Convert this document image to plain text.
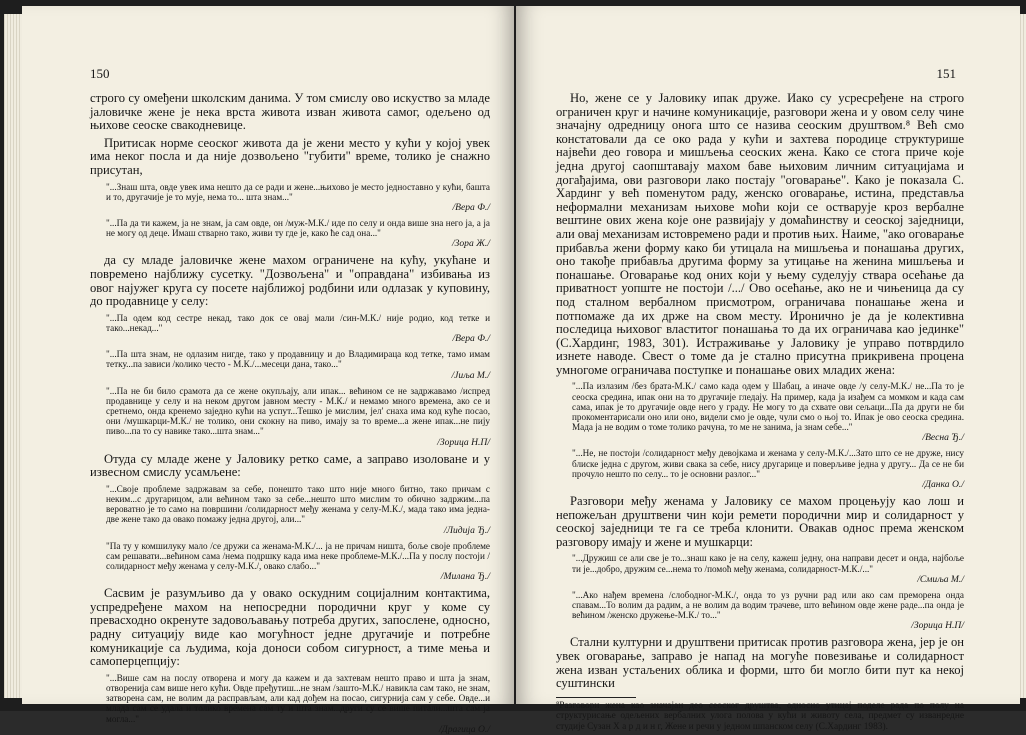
150

строго су омеђени школским данима. У том смислу ово искуство за младе јаловичке жене је нека врста живота изван живота самог, одељено од њихове сеоске свакодневице.

Притисак норме сеоског живота да је жени место у кући у којој увек има неког посла и да није дозвољено "губити" време, толико је снажно присутан,

"...Знаш шта, овде увек има нешто да се ради и жене...њихово је место једноставно у кући, башта и то, другачије је то мује, нема то... шта знам..."
/Вера Ф./
"...Па да ти кажем, ја не знам, ја сам овде, он /муж-М.К./ иде по селу и онда више зна него ја, а ја не могу од деце. Имаш стварно тако, живи ту где је, како ће сад она..."
/Зора Ж./

да су младе јаловичке жене махом ограничене на кућу, укућане и повремено најближу сусетку. "Дозвољена" и "оправдана" избивања из овог најужег круга су посете најближој родбини или одлазак у куповину, до продавнице у селу:

"...Па одем код сестре некад, тако док се овај мали /син-М.К./ није родио, код тетке и тако...некад..."
/Вера Ф./
"...Па шта знам, не одлазим нигде, тако у продавницу и до Владимираца код тетке, тамо имам тетку...па зависи /колико често - М.К./...месеци дана, тако..."
/Јиља М./
"...Па не би било срамота да се жене окупљају, али ипак... већином се не задржавамо /испред продавнице у селу и на неком другом јавном месту - М.К./ и немамо много времена, ако се и сретнемо, онда кренемо заједно кући на успут...Тешко је мислим, јел' снаха има код куће посао, они /мушкарци-М.К./ не толико, они скокну на пиво, имају за то време...а жене ипак...не пију пиво...па то су навике тако...шта знам..."
/Зорица Н.П/

Отуда су младе жене у Јаловику ретко саме, а заправо изоловане и у извесном смислу усамљене:

"...Своје проблеме задржавам за себе, понешто тако што није много битно, тако причам с неким...с другарицом, али већином тако за себе...нешто што мислим то обично задржим...па вероватно је то само на површини /солидарност међу женама у селу-М.К./, мада тако има једна-две жене тако да овако помажу једна другој, али..."
/Лидија Ђ./
"Па ту у комшилуку мало /се дружи са женама-М.К./... ја не причам ништа, боље своје проблеме сам решавати...већином сама /нема подршку када има неке проблеме-М.К./...Па у послу постоји /солидарност међу женама у селу-М.К./, овако слабо..."
/Милана Ђ./

Сасвим је разумљиво да у овако оскудним социјалним контактима, успредређене махом на непосредни породични круг у коме су превасходно окренуте задовољавању потреба других, запослене, односно, радну ситуацију виде као могућност једне другачије и потребне комуникације са људима, која доноси собом сигурност, а тиме мења и самоперцепцију:

"...Више сам на послу отворена и могу да кажем и да захтевам нешто право и шта ја знам, отворенија сам више него кући. Овде пређутиш...не знам /зашто-М.К./ навикла сам тако, не знам, затворена сам, не волим да расправљам, али кад дођем на посао, сигурнија сам у себе. Овде...и млада сам се удала и толико времена сам ту и шта знам...други су се више питали...шта сам ја могла..."
/Драгица О./
151

Но, жене се у Јаловику ипак друже. Иако су усресређене на строго ограничен круг и начине комуникације, разговори жена и у овом селу чине значајну одредницу онога што се назива сеоским друштвом.⁸ Већ смо констатовали да се око рада у кући и захтева породице структурише највећи део говора и мишљења сеоских жена. Како се стога приче које једна другој саопштавају махом баве њиховим личним ситуацијама и догађајима, ови разговори лако постају "оговарање". Како је показала С. Хардинг у већ поменутом раду, женско оговарање, истина, представља неформални механизам њихове моћи који се остварује кроз вербалне вештине ових жена које оне развијају у домаћинству и сеоској заједници, али овај механизам истовремено ради и против њих. Наиме, "ако оговарање прибавља жени форму како би утицала на мишљења и понашања других, оно такође прибавља другима форму за утицање на женина мишљења и понашање. Оговарање код оних који у њему суделују ствара осећање да приватност уопште не постоји /.../ Ово осећање, ако не и чињеница да су под сталном вербалном присмотром, ограничава понашање жена и потпомаже да их држе на свом месту. Иронично је да је колективна последица њиховог властитог понашања то да их ограничава као јединке" (С.Хардинг, 1983, 301). Истраживање у Јаловику је управо потврдило изнете наводе. Свест о томе да је стално присутна прикривена процена умногоме ограничава поступке и понашање ових младих жена:

"...Па излазим /без брата-М.К./ само када одем у Шабац, а иначе овде /у селу-М.К./ не...Па то је сеоска средина, ипак они на то другачије гледају. На пример, када ја изађем са момком и када сам сама, ипак је то другачије овде него у граду. Не могу то да схвате ови сељаци...Па да други не би прокоментарисали оно или оно, видели смо је овде, чули смо о њој то. Ипак је ово сеоска средина. Мада ја не водим о томе толико рачуна, то ме не занима, ја знам себе..."
/Весна Ђ./
"...Не, не постоји /солидарност међу девојкама и женама у селу-М.К./...Зато што се не друже, нису блиске једна с другом, живи свака за себе, нису другарице и поверљиве једна у другу... Да се не би прочуло нешто по селу... то је основни разлог..."
/Данка О./

Разговори међу женама у Јаловику се махом процењују као лош и непожељан друштвени чин који ремети породични мир и солидарност у сеоској заједници те га се треба клонити. Овакав однос према женском разговору имају и жене и мушкарци:

"...Дружиш се али све је то...знаш како је на селу, кажеш једну, она направи десет и онда, најбоље ти је...добро, дружим се...нема то /помоћ међу женама, солидарност-М.К./..."
/Смиља М./
"...Ако нађем времена /слободног-М.К./, онда то уз ручни рад или ако сам преморена онда спавам...То волим да радим, а не волим да водим трачеве, што већином овде жене раде...па онда је већином /женско дружење-М.К./ то..."
/Зорица Н.П/

Стални културни и друштвени притисак против разговора жена, јер је он увек оговарање, заправо је напад на могуће повезивање и солидарност жена изван устаљених облика и форми, што би могло бити пут ка некој суштински

⁸Разговори жена као значајан део сеоског друштва, односно утицај поделе рада по полу на структурисање одељених вербалних улога полова у кући и животу села, предмет су изванредне студије Сузан Х а р д и н г, Жене и речи у једном шпанском селу (С.Хардинг 1983).
